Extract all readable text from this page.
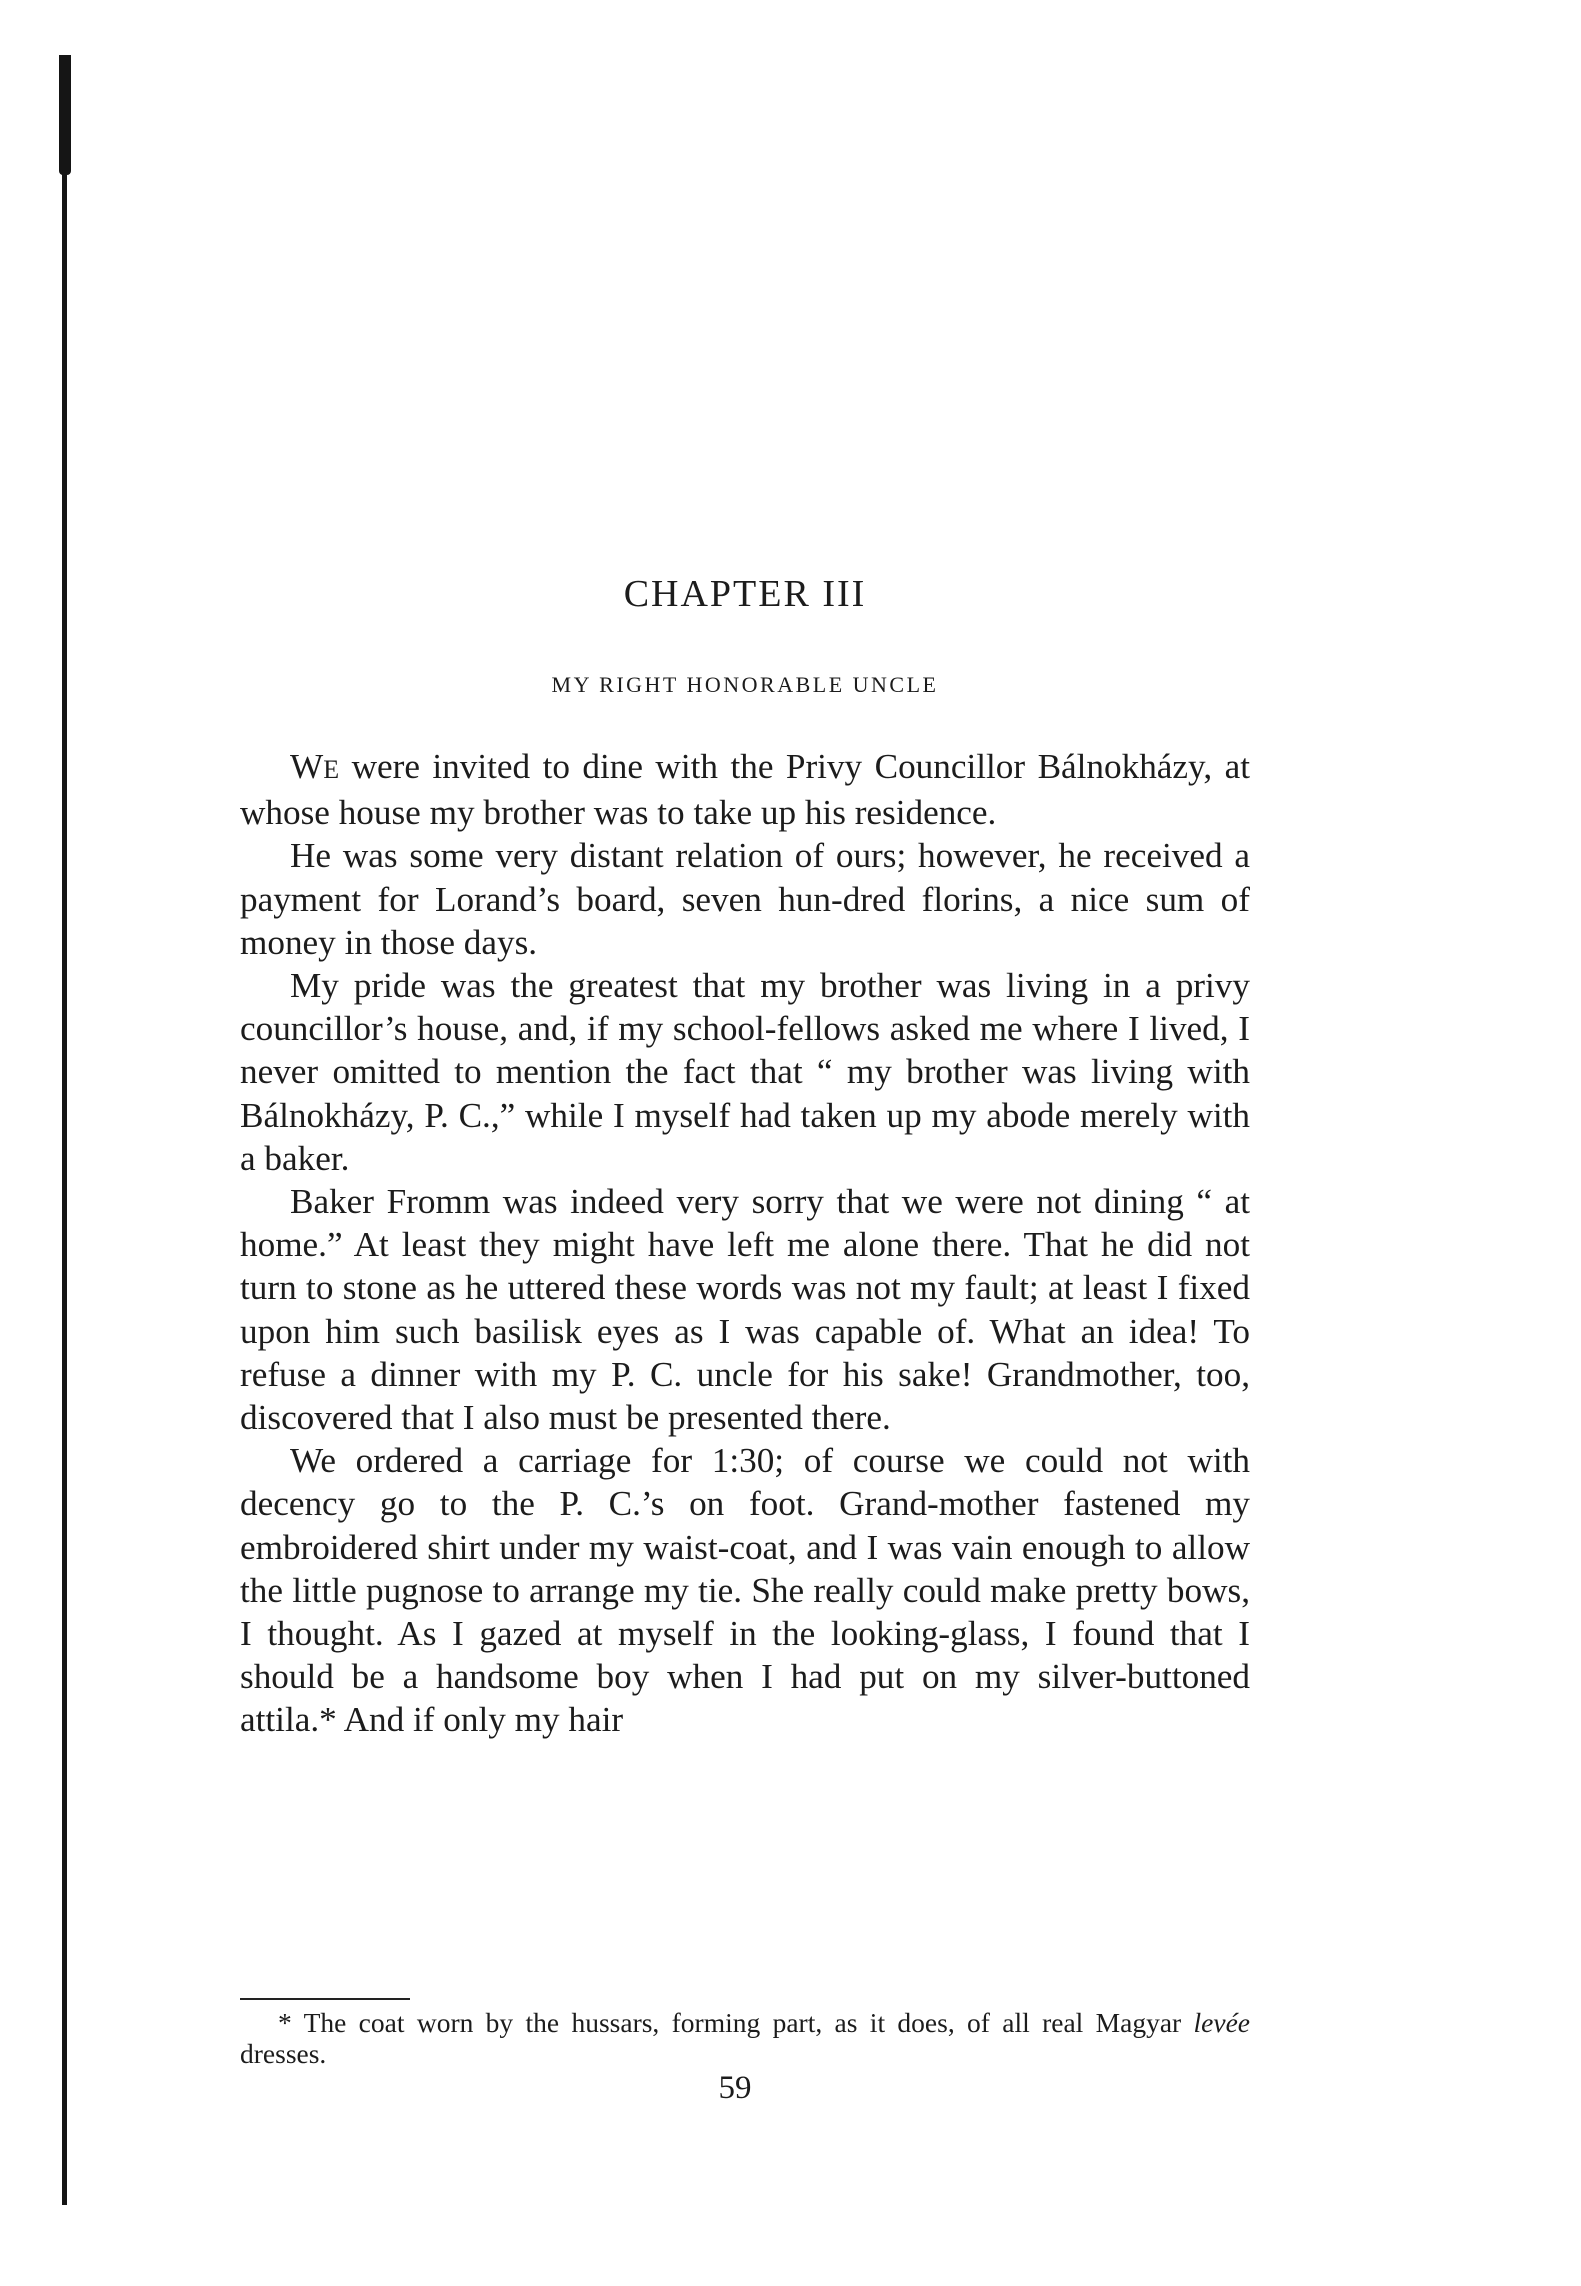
CHAPTER III
MY RIGHT HONORABLE UNCLE

WE were invited to dine with the Privy Councillor Bálnokházy, at whose house my brother was to take up his residence.

He was some very distant relation of ours; however, he received a payment for Lorand’s board, seven hun-dred florins, a nice sum of money in those days.

My pride was the greatest that my brother was living in a privy councillor’s house, and, if my school-fellows asked me where I lived, I never omitted to mention the fact that “ my brother was living with Bálnokházy, P. C.,” while I myself had taken up my abode merely with a baker.

Baker Fromm was indeed very sorry that we were not dining “ at home.” At least they might have left me alone there. That he did not turn to stone as he uttered these words was not my fault; at least I fixed upon him such basilisk eyes as I was capable of. What an idea! To refuse a dinner with my P. C. uncle for his sake! Grandmother, too, discovered that I also must be presented there.

We ordered a carriage for 1:30; of course we could not with decency go to the P. C.’s on foot. Grand-mother fastened my embroidered shirt under my waist-coat, and I was vain enough to allow the little pugnose to arrange my tie. She really could make pretty bows, I thought. As I gazed at myself in the looking-glass, I found that I should be a handsome boy when I had put on my silver-buttoned attila.* And if only my hair

* The coat worn by the hussars, forming part, as it does, of all real Magyar levée dresses.

59
